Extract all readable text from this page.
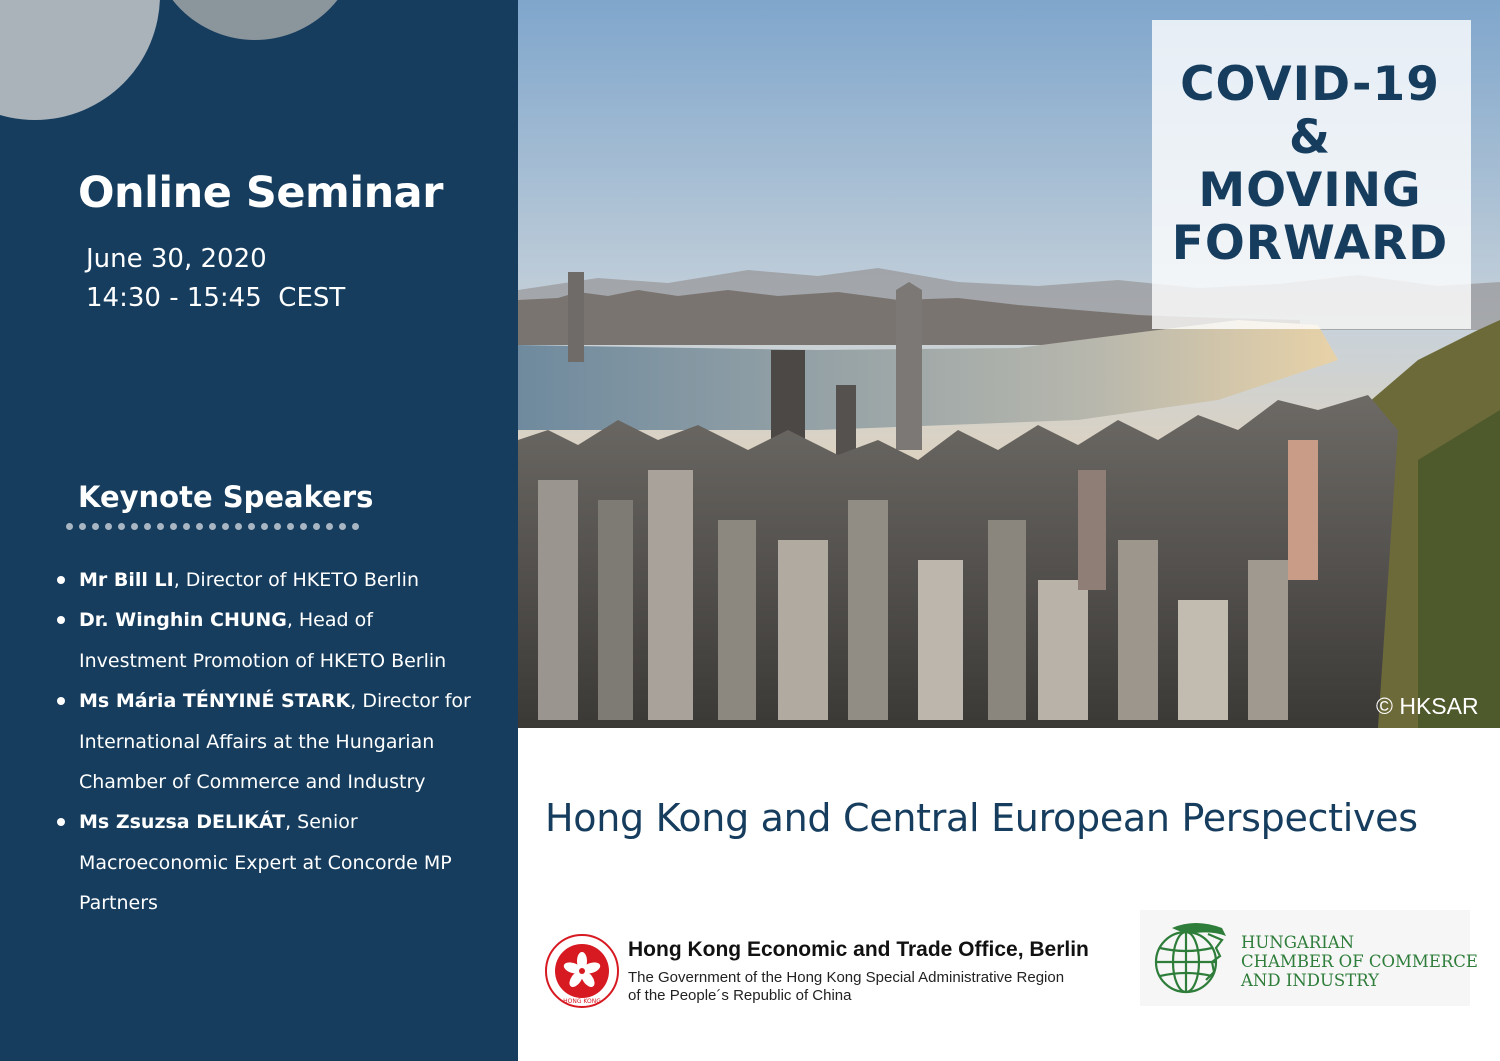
Online Seminar
June 30, 2020
14:30 - 15:45  CEST
Keynote Speakers
Mr Bill LI, Director of HKETO Berlin
Dr. Winghin CHUNG, Head of Investment Promotion of HKETO Berlin
Ms Mária TÉNYINÉ STARK, Director for International Affairs at the Hungarian Chamber of Commerce and Industry
Ms Zsuzsa DELIKÁT, Senior Macroeconomic Expert at Concorde MP Partners
COVID-19
&
MOVING
FORWARD
© HKSAR
Hong Kong and Central European Perspectives
HONG KONG
Hong Kong Economic and Trade Office, Berlin
The Government of the Hong Kong Special Administrative Region
of the People´s Republic of China
HUNGARIAN
CHAMBER OF COMMERCE
AND INDUSTRY
